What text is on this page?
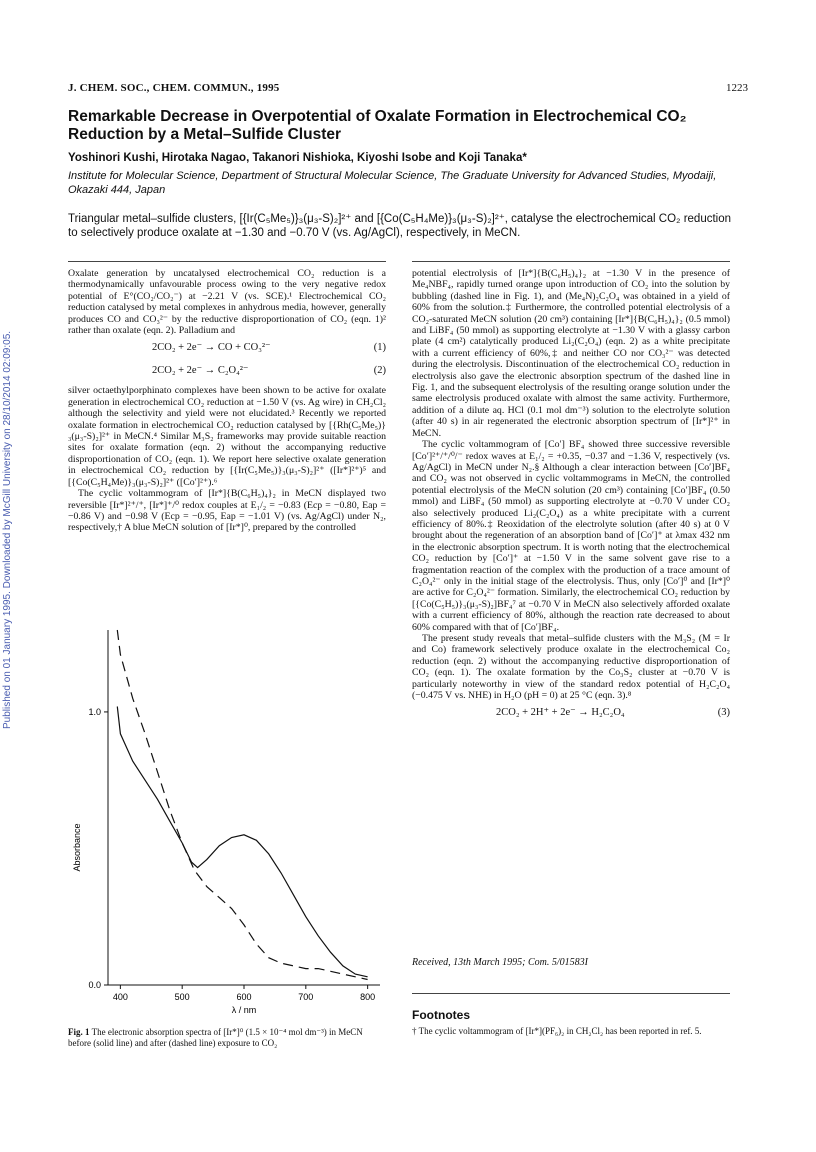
Published on 01 January 1995. Downloaded by McGill University on 28/10/2014 02:09:05.
J. CHEM. SOC., CHEM. COMMUN., 1995	1223
Remarkable Decrease in Overpotential of Oxalate Formation in Electrochemical CO₂ Reduction by a Metal–Sulfide Cluster
Yoshinori Kushi, Hirotaka Nagao, Takanori Nishioka, Kiyoshi Isobe and Koji Tanaka*
Institute for Molecular Science, Department of Structural Molecular Science, The Graduate University for Advanced Studies, Myodaiji, Okazaki 444, Japan
Triangular metal–sulfide clusters, [{Ir(C₅Me₅)}₃(μ₃-S)₂]²⁺ and [{Co(C₅H₄Me)}₃(μ₃-S)₂]²⁺, catalyse the electrochemical CO₂ reduction to selectively produce oxalate at −1.30 and −0.70 V (vs. Ag/AgCl), respectively, in MeCN.

Oxalate generation by uncatalysed electrochemical CO₂ reduction is a thermodynamically unfavourable process owing to the very negative redox potential of E°(CO₂/CO₂⁻) at −2.21 V (vs. SCE).¹ Electrochemical CO₂ reduction catalysed by metal complexes in anhydrous media, however, generally produces CO and CO₃²⁻ by the reductive disproportionation of CO₂ (eqn. 1)² rather than oxalate (eqn. 2). Palladium and

2CO₂ + 2e⁻ → CO + CO₃²⁻	(1)
2CO₂ + 2e⁻ → C₂O₄²⁻	(2)

silver octaethylporphinato complexes have been shown to be active for oxalate generation in electrochemical CO₂ reduction at −1.50 V (vs. Ag wire) in CH₂Cl₂ although the selectivity and yield were not elucidated.³ Recently we reported oxalate formation in electrochemical CO₂ reduction catalysed by [{Rh(C₅Me₅)}₃(μ₃-S)₂]²⁺ in MeCN.⁴ Similar M₃S₂ frameworks may provide suitable reaction sites for oxalate formation (eqn. 2) without the accompanying reductive disproportionation of CO₂ (eqn. 1). We report here selective oxalate generation in electrochemical CO₂ reduction by [{Ir(C₅Me₅)}₃(μ₃-S)₂]²⁺ ([Ir*]²⁺)⁵ and [{Co(C₅H₄Me)}₃(μ₃-S)₂]²⁺ ([Co′]²⁺).⁶

The cyclic voltammogram of [Ir*]{B(C₆H₅)₄}₂ in MeCN displayed two reversible [Ir*]²⁺/⁺, [Ir*]⁺/⁰ redox couples at E₁/₂ = −0.83 (Ecp = −0.80, Eap = −0.86 V) and −0.98 V (Ecp = −0.95, Eap = −1.01 V) (vs. Ag/AgCl) under N₂, respectively,† A blue MeCN solution of [Ir*]⁰, prepared by the controlled

400	500	600	700	800
0.0
1.0
λ / nm
Absorbance
Fig. 1 The electronic absorption spectra of [Ir*]⁰ (1.5 × 10⁻⁴ mol dm⁻³) in MeCN before (solid line) and after (dashed line) exposure to CO₂

potential electrolysis of [Ir*]{B(C₆H₅)₄}₂ at −1.30 V in the presence of Me₄NBF₄, rapidly turned orange upon introduction of CO₂ into the solution by bubbling (dashed line in Fig. 1), and (Me₄N)₂C₂O₄ was obtained in a yield of 60% from the solution.‡ Furthermore, the controlled potential electrolysis of a CO₂-saturated MeCN solution (20 cm³) containing [Ir*]{B(C₆H₅)₄}₂ (0.5 mmol) and LiBF₄ (50 mmol) as supporting electrolyte at −1.30 V with a glassy carbon plate (4 cm²) catalytically produced Li₂(C₂O₄) (eqn. 2) as a white precipitate with a current efficiency of 60%,‡ and neither CO nor CO₃²⁻ was detected during the electrolysis. Discontinuation of the electrochemical CO₂ reduction in electrolysis also gave the electronic absorption spectrum of the dashed line in Fig. 1, and the subsequent electrolysis of the resulting orange solution under the same electrolysis produced oxalate with almost the same activity. Furthermore, addition of a dilute aq. HCl (0.1 mol dm⁻³) solution to the electrolyte solution (after 40 s) in air regenerated the electronic absorption spectrum of [Ir*]²⁺ in MeCN.

The cyclic voltammogram of [Co′] BF₄ showed three successive reversible [Co′]²⁺/⁺/⁰/⁻ redox waves at E₁/₂ = +0.35, −0.37 and −1.36 V, respectively (vs. Ag/AgCl) in MeCN under N₂.§ Although a clear interaction between [Co′]BF₄ and CO₂ was not observed in cyclic voltammograms in MeCN, the controlled potential electrolysis of the MeCN solution (20 cm³) containing [Co′]BF₄ (0.50 mmol) and LiBF₄ (50 mmol) as supporting electrolyte at −0.70 V under CO₂ also selectively produced Li₂(C₂O₄) as a white precipitate with a current efficiency of 80%.‡ Reoxidation of the electrolyte solution (after 40 s) at 0 V brought about the regeneration of an absorption band of [Co′]⁺ at λmax 432 nm in the electronic absorption spectrum. It is worth noting that the electrochemical CO₂ reduction by [Co′]⁺ at −1.50 V in the same solvent gave rise to a fragmentation reaction of the complex with the production of a trace amount of C₂O₄²⁻ only in the initial stage of the electrolysis. Thus, only [Co′]⁰ and [Ir*]⁰ are active for C₂O₄²⁻ formation. Similarly, the electrochemical CO₂ reduction by [{Co(C₅H₅)}₃(μ₃-S)₂]BF₄⁷ at −0.70 V in MeCN also selectively afforded oxalate with a current efficiency of 80%, although the reaction rate decreased to about 60% compared with that of [Co′]BF₄.

The present study reveals that metal–sulfide clusters with the M₃S₂ (M = Ir and Co) framework selectively produce oxalate in the electrochemical Co₂ reduction (eqn. 2) without the accompanying reductive disproportionation of CO₂ (eqn. 1). The oxalate formation by the Co₃S₂ cluster at −0.70 V is particularly noteworthy in view of the standard redox potential of H₂C₂O₄ (−0.475 V vs. NHE) in H₂O (pH = 0) at 25 °C (eqn. 3).⁸

2CO₂ + 2H⁺ + 2e⁻ → H₂C₂O₄	(3)
Received, 13th March 1995; Com. 5/01583I
Footnotes
† The cyclic voltammogram of [Ir*](PF₆)₂ in CH₂Cl₂ has been reported in ref. 5.
